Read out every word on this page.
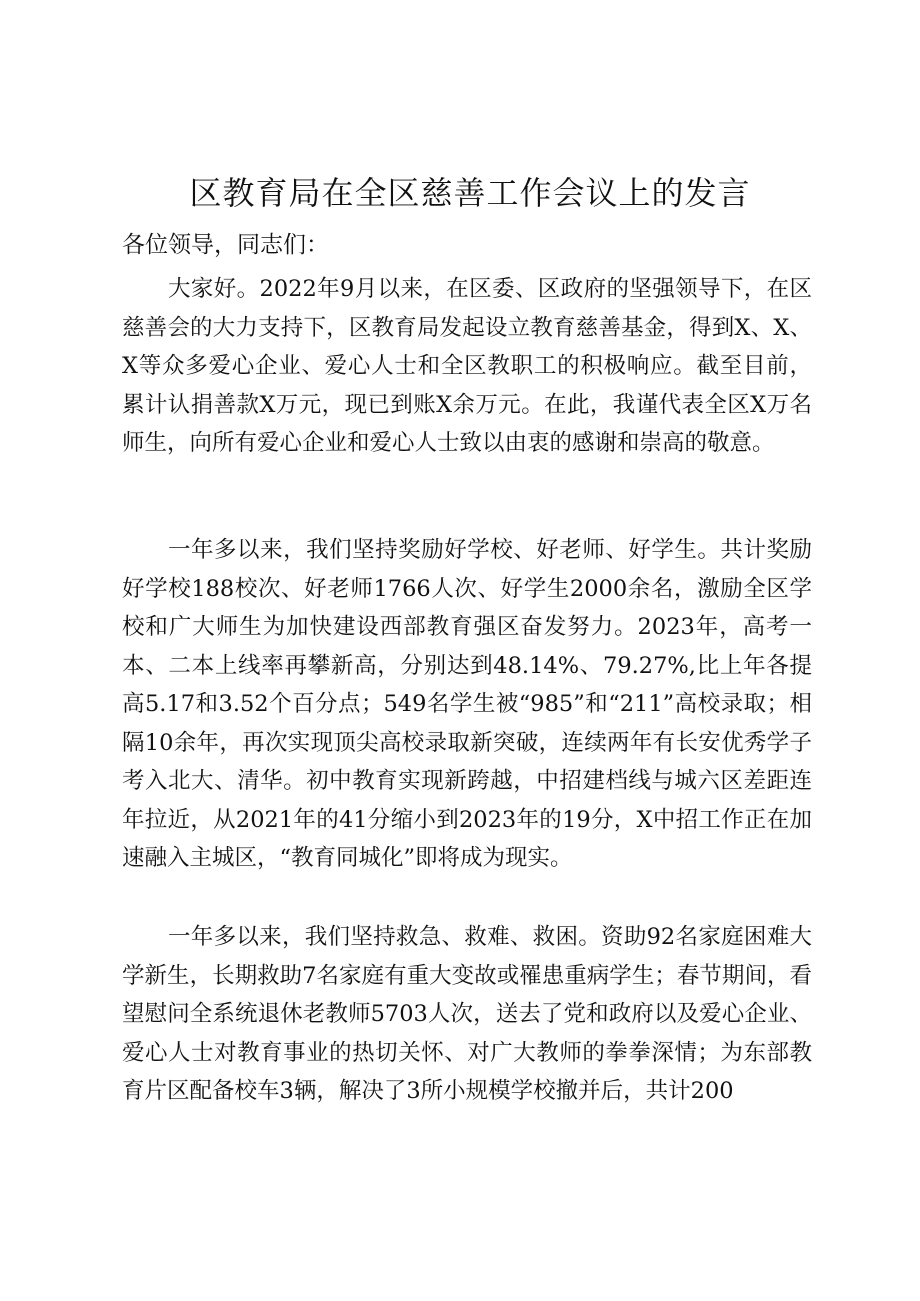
区教育局在全区慈善工作会议上的发言

各位领导，同志们：

大家好。2022年9月以来，在区委、区政府的坚强领导下，在区慈善会的大力支持下，区教育局发起设立教育慈善基金，得到X、X、X等众多爱心企业、爱心人士和全区教职工的积极响应。截至目前，累计认捐善款X万元，现已到账X余万元。在此，我谨代表全区X万名师生，向所有爱心企业和爱心人士致以由衷的感谢和崇高的敬意。

一年多以来，我们坚持奖励好学校、好老师、好学生。共计奖励好学校188校次、好老师1766人次、好学生2000余名，激励全区学校和广大师生为加快建设西部教育强区奋发努力。2023年，高考一本、二本上线率再攀新高，分别达到48.14%、79.27%,比上年各提高5.17和3.52个百分点；549名学生被“985”和“211”高校录取；相隔10余年，再次实现顶尖高校录取新突破，连续两年有长安优秀学子考入北大、清华。初中教育实现新跨越，中招建档线与城六区差距连年拉近，从2021年的41分缩小到2023年的19分，X中招工作正在加速融入主城区，“教育同城化”即将成为现实。

一年多以来，我们坚持救急、救难、救困。资助92名家庭困难大学新生，长期救助7名家庭有重大变故或罹患重病学生；春节期间，看望慰问全系统退休老教师5703人次，送去了党和政府以及爱心企业、爱心人士对教育事业的热切关怀、对广大教师的拳拳深情；为东部教育片区配备校车3辆，解决了3所小规模学校撤并后，共计200
